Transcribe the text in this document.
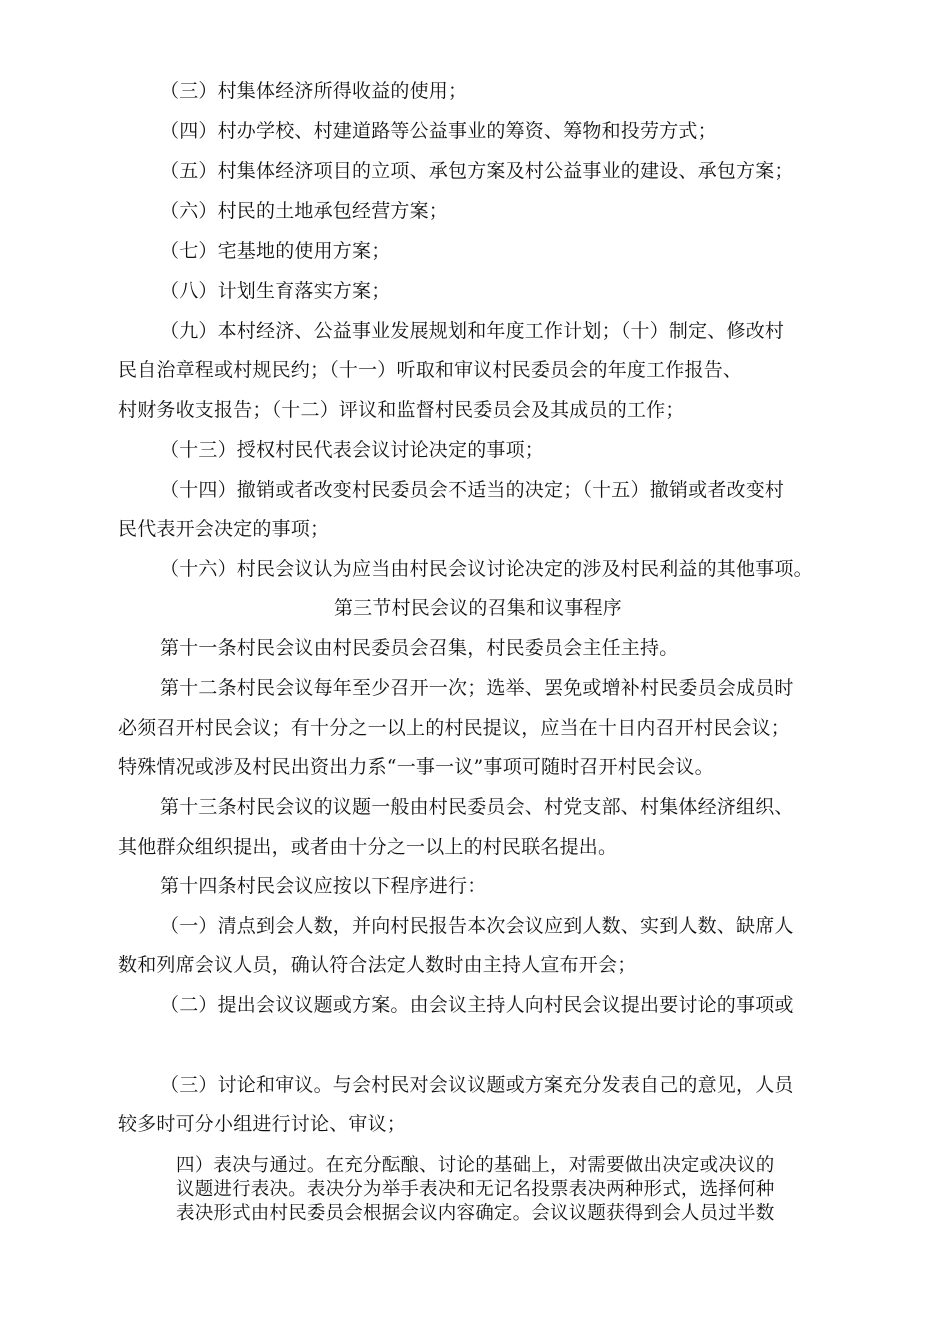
（三）村集体经济所得收益的使用；
（四）村办学校、村建道路等公益事业的筹资、筹物和投劳方式；
（五）村集体经济项目的立项、承包方案及村公益事业的建设、承包方案；
（六）村民的土地承包经营方案；
（七）宅基地的使用方案；
（八）计划生育落实方案；
（九）本村经济、公益事业发展规划和年度工作计划；（十）制定、修改村
民自治章程或村规民约；（十一）听取和审议村民委员会的年度工作报告、
村财务收支报告；（十二）评议和监督村民委员会及其成员的工作；
（十三）授权村民代表会议讨论决定的事项；
（十四）撤销或者改变村民委员会不适当的决定；（十五）撤销或者改变村
民代表开会决定的事项；
（十六）村民会议认为应当由村民会议讨论决定的涉及村民利益的其他事项。
第三节村民会议的召集和议事程序
第十一条村民会议由村民委员会召集，村民委员会主任主持。
第十二条村民会议每年至少召开一次；选举、罢免或增补村民委员会成员时
必须召开村民会议；有十分之一以上的村民提议，应当在十日内召开村民会议；
特殊情况或涉及村民出资出力系“一事一议”事项可随时召开村民会议。
第十三条村民会议的议题一般由村民委员会、村党支部、村集体经济组织、
其他群众组织提出，或者由十分之一以上的村民联名提出。
第十四条村民会议应按以下程序进行：
（一）清点到会人数，并向村民报告本次会议应到人数、实到人数、缺席人
数和列席会议人员，确认符合法定人数时由主持人宣布开会；
（二）提出会议议题或方案。由会议主持人向村民会议提出要讨论的事项或
（三）讨论和审议。与会村民对会议议题或方案充分发表自己的意见，人员
较多时可分小组进行讨论、审议；
四）表决与通过。在充分酝酿、讨论的基础上，对需要做出决定或决议的
议题进行表决。表决分为举手表决和无记名投票表决两种形式，选择何种
表决形式由村民委员会根据会议内容确定。会议议题获得到会人员过半数
